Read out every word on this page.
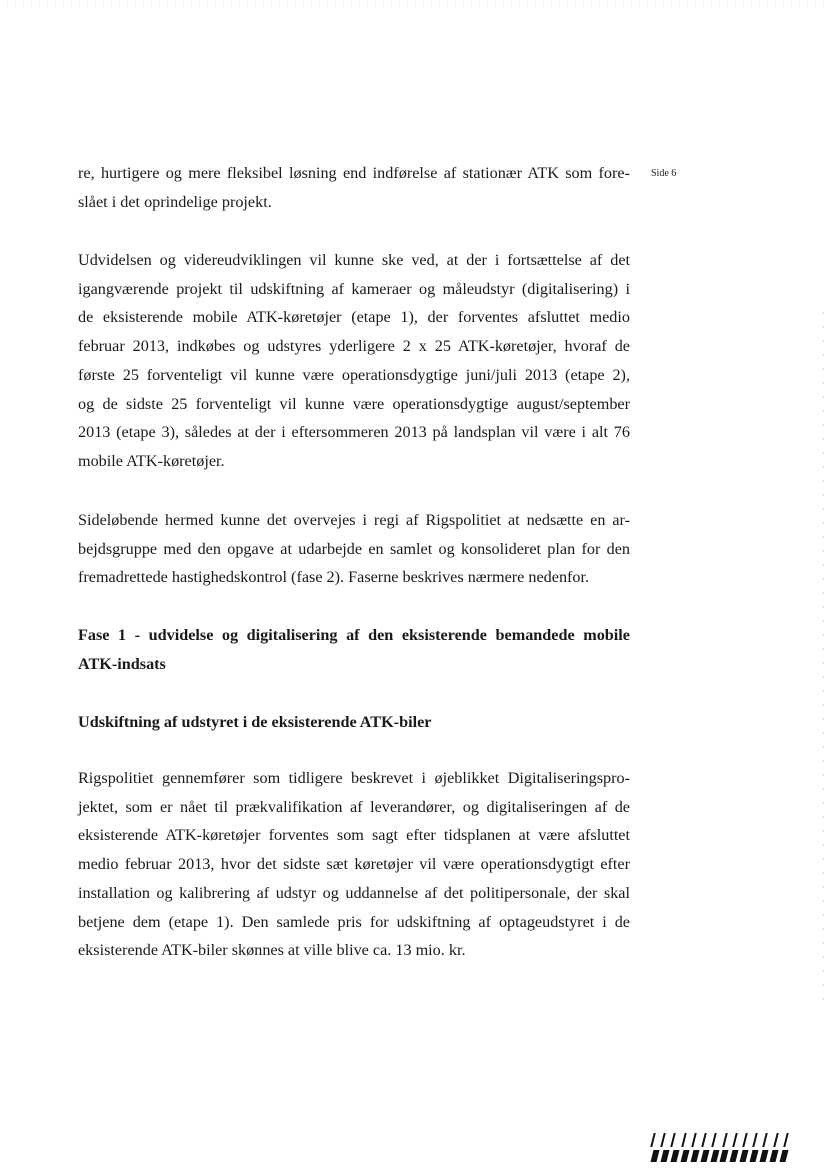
Side 6

re, hurtigere og mere fleksibel løsning end indførelse af stationær ATK som fore-
slået i det oprindelige projekt.

Udvidelsen og videreudviklingen vil kunne ske ved, at der i fortsættelse af det
igangværende projekt til udskiftning af kameraer og måleudstyr (digitalisering) i
de eksisterende mobile ATK-køretøjer (etape 1), der forventes afsluttet medio
februar 2013, indkøbes og udstyres yderligere 2 x 25 ATK-køretøjer, hvoraf de
første 25 forventeligt vil kunne være operationsdygtige juni/juli 2013 (etape 2),
og de sidste 25 forventeligt vil kunne være operationsdygtige august/september
2013 (etape 3), således at der i eftersommeren 2013 på landsplan vil være i alt 76
mobile ATK-køretøjer.

Sideløbende hermed kunne det overvejes i regi af Rigspolitiet at nedsætte en ar-
bejdsgruppe med den opgave at udarbejde en samlet og konsolideret plan for den
fremadrettede hastighedskontrol (fase 2). Faserne beskrives nærmere nedenfor.

Fase 1 - udvidelse og digitalisering af den eksisterende bemandede mobile
ATK-indsats
Udskiftning af udstyret i de eksisterende ATK-biler

Rigspolitiet gennemfører som tidligere beskrevet i øjeblikket Digitaliseringspro-
jektet, som er nået til prækvalifikation af leverandører, og digitaliseringen af de
eksisterende ATK-køretøjer forventes som sagt efter tidsplanen at være afsluttet
medio februar 2013, hvor det sidste sæt køretøjer vil være operationsdygtigt efter
installation og kalibrering af udstyr og uddannelse af det politipersonale, der skal
betjene dem (etape 1). Den samlede pris for udskiftning af optageudstyret i de
eksisterende ATK-biler skønnes at ville blive ca. 13 mio. kr.
